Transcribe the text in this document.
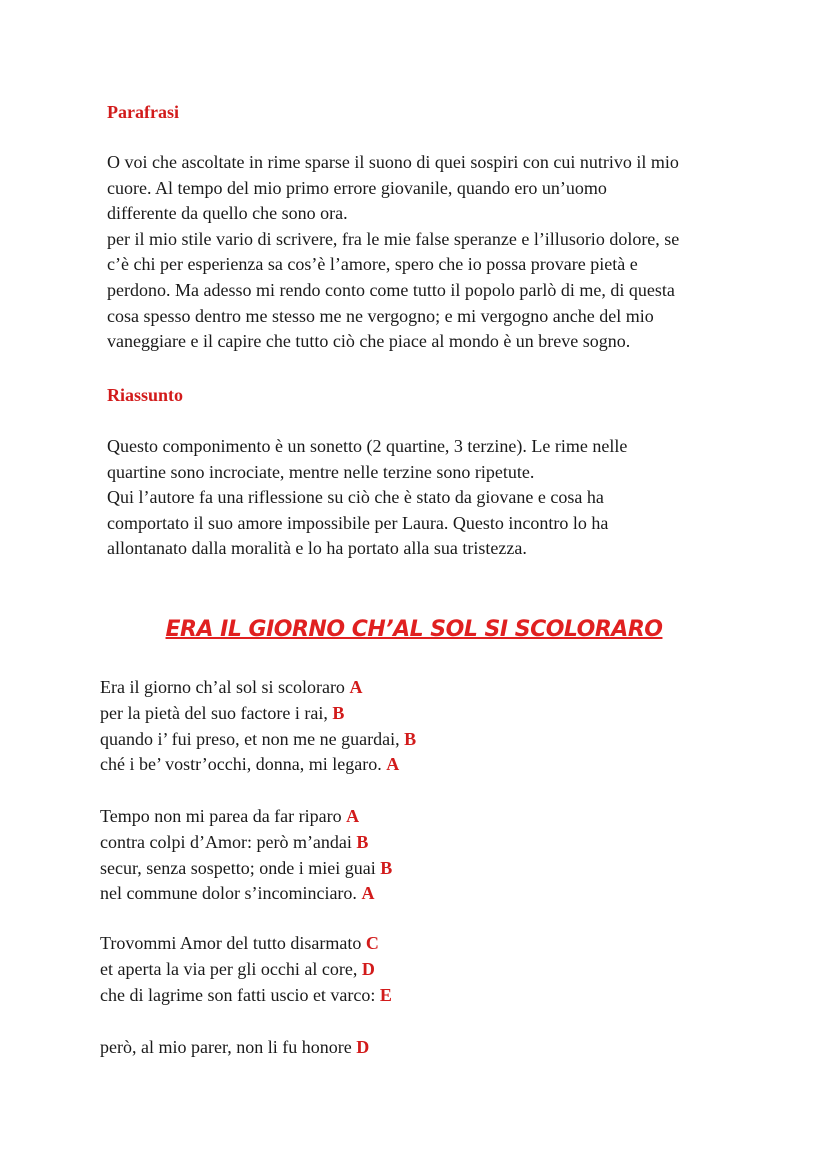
Parafrasi

O voi che ascoltate in rime sparse il suono di quei sospiri con cui nutrivo il mio
cuore. Al tempo del mio primo errore giovanile, quando ero un’uomo
differente da quello che sono ora.
per il mio stile vario di scrivere, fra le mie false speranze e l’illusorio dolore, se
c’è chi per esperienza sa cos’è l’amore, spero che io possa provare pietà e
perdono. Ma adesso mi rendo conto come tutto il popolo parlò di me, di questa
cosa spesso dentro me stesso me ne vergogno; e mi vergogno anche del mio
vaneggiare e il capire che tutto ciò che piace al mondo è un breve sogno.

Riassunto

Questo componimento è un sonetto (2 quartine, 3 terzine). Le rime nelle
quartine sono incrociate, mentre nelle terzine sono ripetute.
Qui l’autore fa una riflessione su ciò che è stato da giovane e cosa ha
comportato il suo amore impossibile per Laura. Questo incontro lo ha
allontanato dalla moralità e lo ha portato alla sua tristezza.

ERA IL GIORNO CH’AL SOL SI SCOLORARO
Era il giorno ch’al sol si scoloraro A
per la pietà del suo factore i rai, B
quando i’ fui preso, et non me ne guardai, B
ché i be’ vostr’occhi, donna, mi legaro. A
Tempo non mi parea da far riparo A
contra colpi d’Amor: però m’andai B
secur, senza sospetto; onde i miei guai B
nel commune dolor s’incominciaro. A
Trovommi Amor del tutto disarmato C
et aperta la via per gli occhi al core, D
che di lagrime son fatti uscio et varco: E
però, al mio parer, non li fu honore D
